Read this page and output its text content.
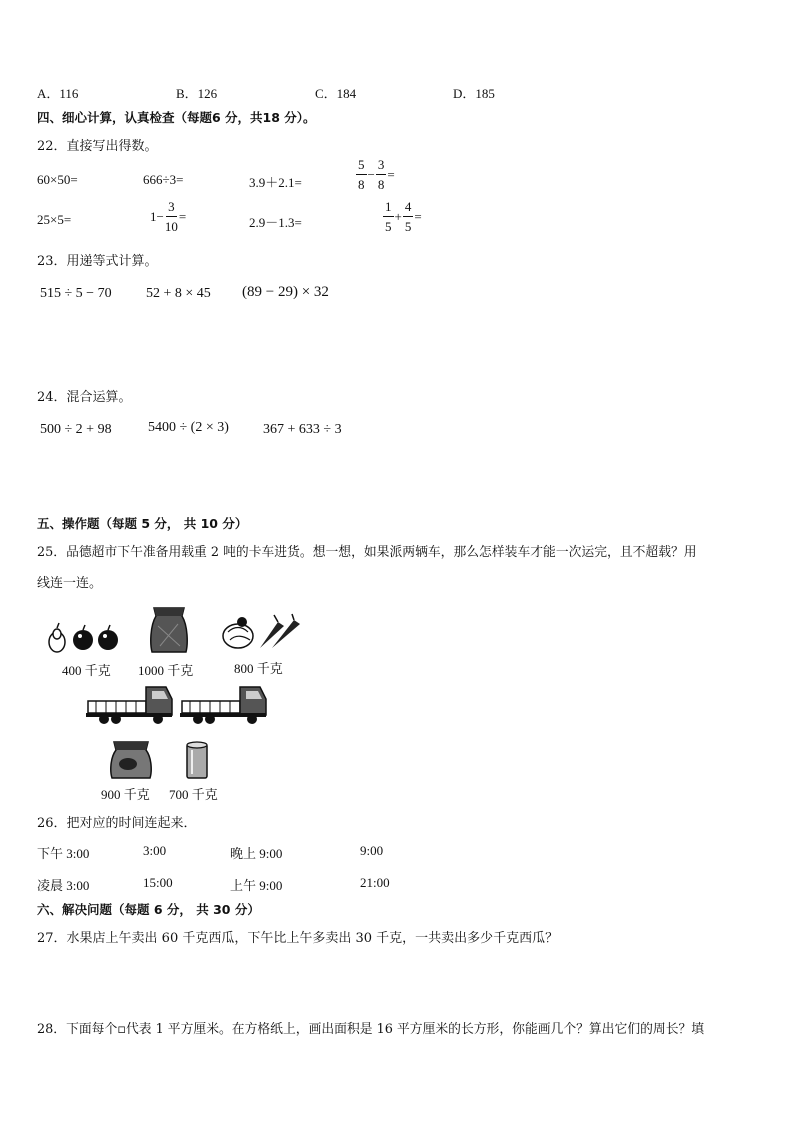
A．116	B．126	C．184	D．185
四、细心计算，认真检查（每题6 分，共18 分）。
22．直接写出得数。
60×50=	666÷3=	3.9＋2.1=	$\frac{5}{8} - \frac{3}{8}$ =
25×5=	$1- \frac{3}{10}$ =	2.9－1.3=	$\frac{1}{5} + \frac{4}{5}$ =
23．用递等式计算。
515 ÷ 5 − 70 52 + 8 × 45 (89 − 29) × 32
24．混合运算。
500 ÷ 2 + 98	5400 ÷ (2 × 3) 367 + 633 ÷ 3
五、操作题（每题 5 分， 共 10 分）
25．品德超市下午准备用载重 2 吨的卡车进货。想一想，如果派两辆车，那么怎样装车才能一次运完，且不超载？用
线连一连。
400 千克 1000 千克	800 千克
900 千克 700 千克
26．把对应的时间连起来．
下午 3:00	3:00	晚上 9:00	9:00
凌晨 3:00	15:00	上午 9:00	21:00
六、解决问题（每题 6 分， 共 30 分）
27．水果店上午卖出 60 千克西瓜，下午比上午多卖出 30 千克，一共卖出多少千克西瓜？
28．下面每个▫代表 1 平方厘米。在方格纸上，画出面积是 16 平方厘米的长方形，你能画几个？算出它们的周长？填
